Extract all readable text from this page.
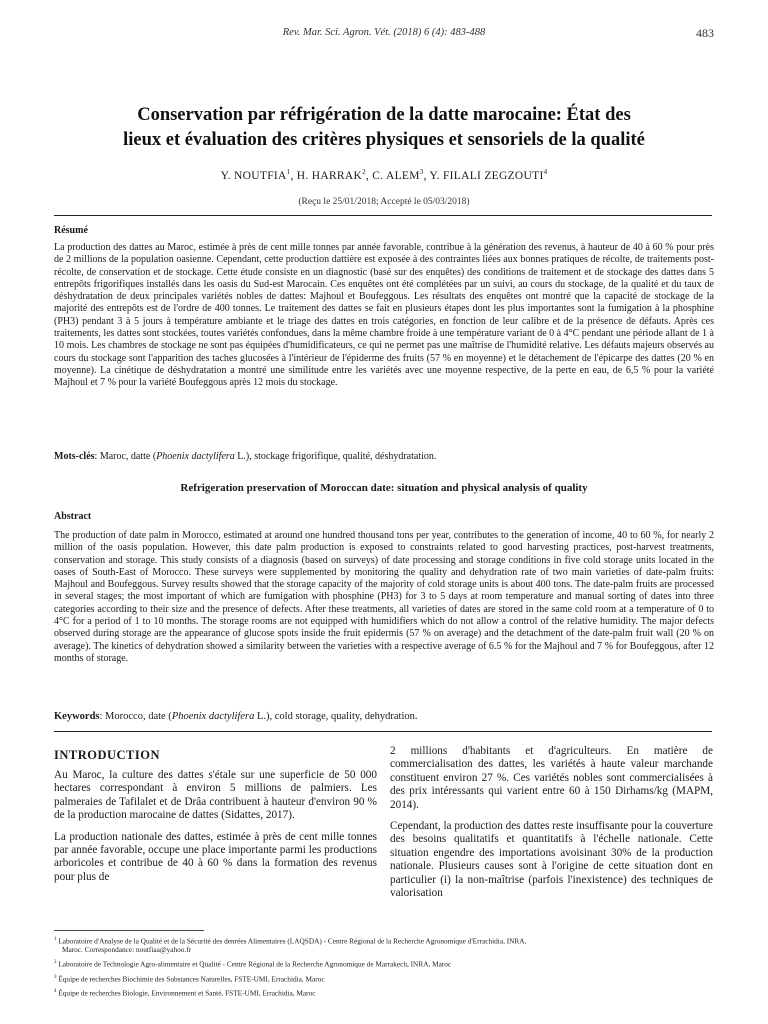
Rev. Mar. Sci. Agron. Vét. (2018) 6 (4): 483-488	483
Conservation par réfrigération de la datte marocaine: État des
lieux et évaluation des critères physiques et sensoriels de la qualité
Y. NOUTFIA$^1$, H. HARRAK$^2$, C. ALEM$^3$, Y. FILALI ZEGZOUTI$^4$
(Reçu le 25/01/2018; Accepté le 05/03/2018)
Résumé
La production des dattes au Maroc, estimée à près de cent mille tonnes par année favorable, contribue à la génération des revenus, à hauteur de 40 à 60 % pour près de 2 millions de la population oasienne. Cependant, cette production dattière est exposée à des contraintes liées aux bonnes pratiques de récolte, de traitements post-récolte, de conservation et de stockage. Cette étude consiste en un diagnostic (basé sur des enquêtes) des conditions de traitement et de stockage des dattes dans 5 entrepôts frigorifiques installés dans les oasis du Sud-est Marocain. Ces enquêtes ont été complétées par un suivi, au cours du stockage, de la qualité et du taux de déshydratation de deux principales variétés nobles de dattes: Majhoul et Boufeggous. Les résultats des enquêtes ont montré que la capacité de stockage de la majorité des entrepôts est de l'ordre de 400 tonnes. Le traitement des dattes se fait en plusieurs étapes dont les plus importantes sont la fumigation à la phosphine (PH3) pendant 3 à 5 jours à température ambiante et le triage des dattes en trois catégories, en fonction de leur calibre et de la présence de défauts. Après ces traitements, les dattes sont stockées, toutes variétés confondues, dans la même chambre froide à une température variant de 0 à 4°C pendant une période allant de 1 à 10 mois. Les chambres de stockage ne sont pas équipées d'humidificateurs, ce qui ne permet pas une maîtrise de l'humidité relative. Les défauts majeurs observés au cours du stockage sont l'apparition des taches glucosées à l'intérieur de l'épiderme des fruits (57 % en moyenne) et le détachement de l'épicarpe des dattes (20 % en moyenne). La cinétique de déshydratation a montré une similitude entre les variétés avec une moyenne respective, de la perte en eau, de 6,5 % pour la variété Majhoul et 7 % pour la variété Boufeggous après 12 mois du stockage.
Mots-clés: Maroc, datte (Phoenix dactylifera L.), stockage frigorifique, qualité, déshydratation.
Refrigeration preservation of Moroccan date: situation and physical analysis of quality
Abstract
The production of date palm in Morocco, estimated at around one hundred thousand tons per year, contributes to the generation of income, 40 to 60 %, for nearly 2 million of the oasis population. However, this date palm production is exposed to constraints related to good harvesting practices, post-harvest treatments, conservation and storage. This study consists of a diagnosis (based on surveys) of date processing and storage conditions in five cold storage units located in the oases of South-East of Morocco. These surveys were supplemented by monitoring the quality and dehydration rate of two main varieties of date-palm fruits: Majhoul and Boufeggous. Survey results showed that the storage capacity of the majority of cold storage units is about 400 tons. The date-palm fruits are processed in several stages; the most important of which are fumigation with phosphine (PH3) for 3 to 5 days at room temperature and manual sorting of dates into three categories according to their size and the presence of defects. After these treatments, all varieties of dates are stored in the same cold room at a temperature of 0 to 4°C for a period of 1 to 10 months. The storage rooms are not equipped with humidifiers which do not allow a control of the relative humidity. The major defects observed during storage are the appearance of glucose spots inside the fruit epidermis (57 % on average) and the detachment of the date-palm fruit wall (20 % on average). The kinetics of dehydration showed a similarity between the varieties with a respective average of 6.5 % for the Majhoul and 7 % for Boufeggous, after 12 months of storage.
Keywords: Morocco, date (Phoenix dactylifera L.), cold storage, quality, dehydration.
INTRODUCTION

Au Maroc, la culture des dattes s'étale sur une superficie de 50 000 hectares correspondant à environ 5 millions de palmiers. Les palmeraies de Tafilalet et de Drâa contribuent à hauteur d'environ 90 % de la production marocaine de dattes (Sidattes, 2017).

La production nationale des dattes, estimée à près de cent mille tonnes par année favorable, occupe une place importante parmi les productions arboricoles et contribue de 40 à 60 % dans la formation des revenus pour plus de

2 millions d'habitants et d'agriculteurs. En matière de commercialisation des dattes, les variétés à haute valeur marchande constituent environ 27 %. Ces variétés nobles sont commercialisées à des prix intéressants qui varient entre 60 à 150 Dirhams/kg (MAPM, 2014).

Cependant, la production des dattes reste insuffisante pour la couverture des besoins qualitatifs et quantitatifs à l'échelle nationale. Cette situation engendre des importations avoisinant 30% de la production nationale. Plusieurs causes sont à l'origine de cette situation dont en particulier (i) la non-maîtrise (parfois l'inexistence) des techniques de valorisation

$^1$ Laboratoire d'Analyse de la Qualité et de la Sécurité des denrées Alimentaires (LAQSDA) - Centre Régional de la Recherche Agronomique d'Errachidia, INRA,
Maroc. Correspondance: noutfiaa@yahoo.fr
$^2$ Laboratoire de Technologie Agro-alimentaire et Qualité - Centre Régional de la Recherche Agronomique de Marrakech, INRA, Maroc
$^3$ Équipe de recherches Biochimie des Substances Naturelles, FSTE-UMI, Errachidia, Maroc
$^4$ Équipe de recherches Biologie, Environnement et Santé, FSTE-UMI, Errachidia, Maroc
